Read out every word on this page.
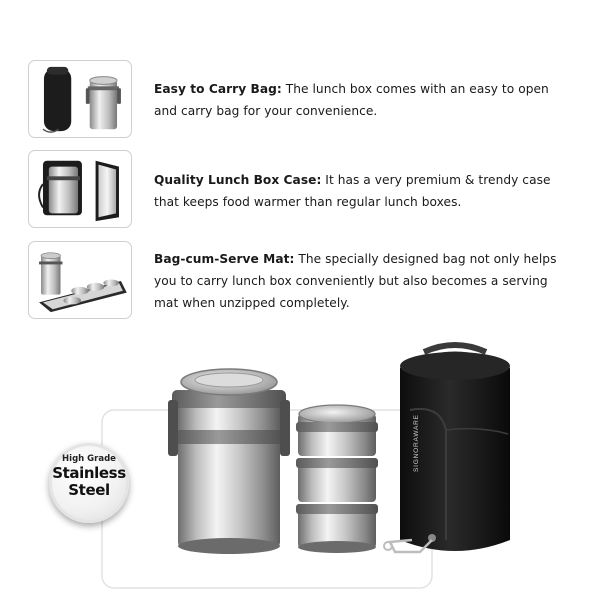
Easy to Carry Bag: The lunch box comes with an easy to open
and carry bag for your convenience.
Quality Lunch Box Case: It has a very premium & trendy case
that keeps food warmer than regular lunch boxes.
Bag-cum-Serve Mat: The specially designed bag not only helps
you to carry lunch box conveniently but also becomes a serving
mat when unzipped completely.
SIGNORAWARE
High Grade
Stainless
Steel
